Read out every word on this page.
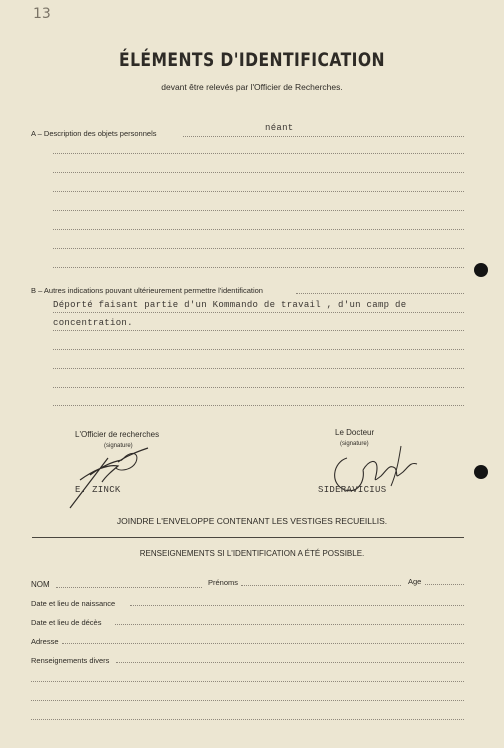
13
ÉLÉMENTS D'IDENTIFICATION
devant être relevés par l'Officier de Recherches.
A – Description des objets personnels
néant
B – Autres indications pouvant ultérieurement permettre l'identification
Déporté faisant partie d'un Kommando de travail , d'un camp de
concentration.
L'Officier de recherches
(signature)
E. ZINCK
Le Docteur
(signature)
SIDERAVICIUS
JOINDRE L'ENVELOPPE CONTENANT LES VESTIGES RECUEILLIS.
RENSEIGNEMENTS SI L'IDENTIFICATION A ÉTÉ POSSIBLE.
NOM	Prénoms	Age
Date et lieu de naissance
Date et lieu de décès
Adresse
Renseignements divers
